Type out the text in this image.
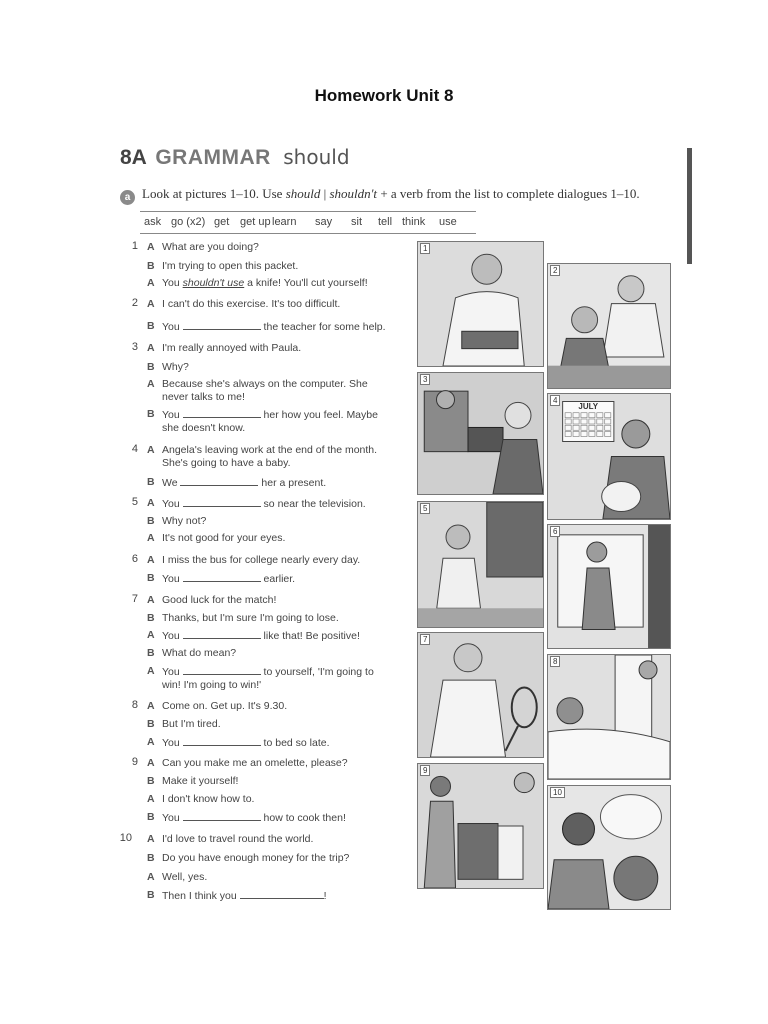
Homework Unit 8
8A GRAMMAR should
a Look at pictures 1–10. Use should | shouldn't + a verb from the list to complete dialogues 1–10.
ask go (x2) get get up learn say sit tell think use
1 A What are you doing?
B I'm trying to open this packet.
A You shouldn't use a knife! You'll cut yourself!
2 A I can't do this exercise. It's too difficult.
B You	the teacher for some help.
3 A I'm really annoyed with Paula.
B Why?
A Because she's always on the computer. She
never talks to me!
B You	her how you feel. Maybe
she doesn't know.
4 A Angela's leaving work at the end of the month.
She's going to have a baby.
B We	her a present.
5 A You	so near the television.
B Why not?
A It's not good for your eyes.
6 A I miss the bus for college nearly every day.
B You	earlier.
7 A Good luck for the match!
B Thanks, but I'm sure I'm going to lose.
A You	like that! Be positive!
B What do mean?
A You	to yourself, 'I'm going to
win! I'm going to win!'
8 A Come on. Get up. It's 9.30.
B But I'm tired.
A You	to bed so late.
9 A Can you make me an omelette, please?
B Make it yourself!
A I don't know how to.
B You	how to cook then!
10 A I'd love to travel round the world.
B Do you have enough money for the trip?
A Well, yes.
B Then I think you	!
1
2
3
JULY
4
5
6
7
8
9
10
